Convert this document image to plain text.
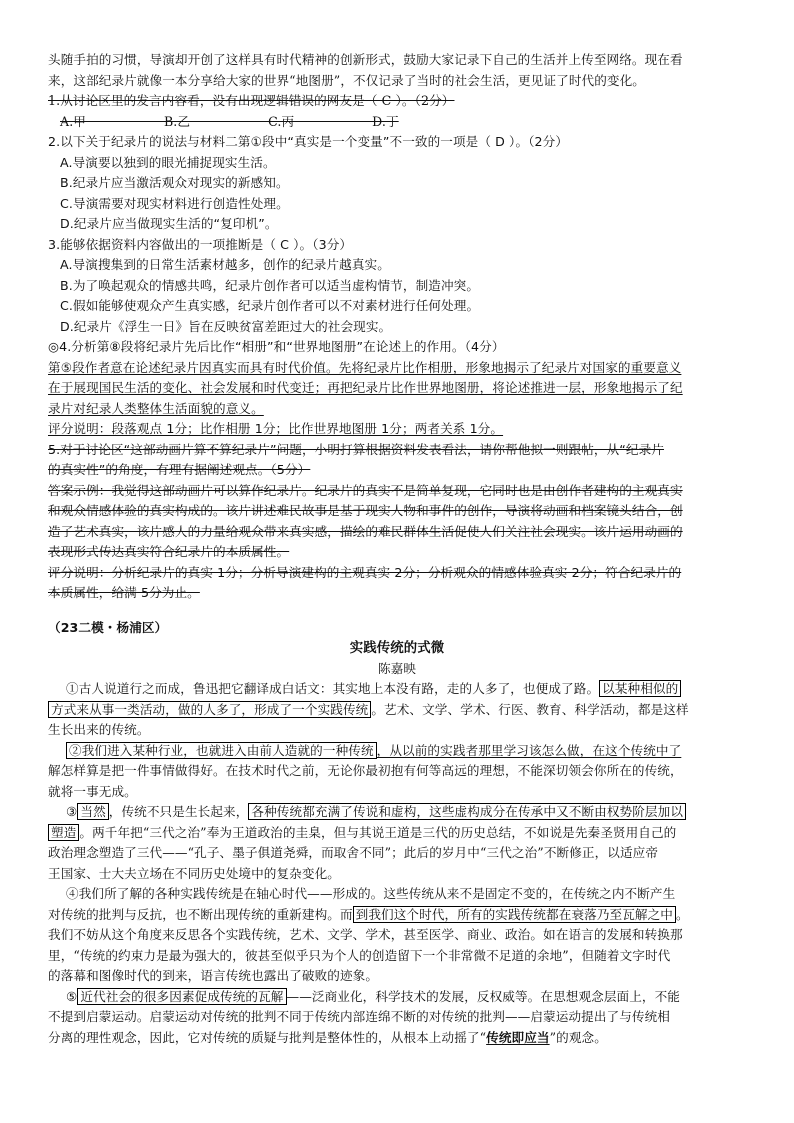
头随手拍的习惯，导演却开创了这样具有时代精神的创新形式，鼓励大家记录下自己的生活并上传至网络。现在看
来，这部纪录片就像一本分享给大家的世界“地图册”，不仅记录了当时的社会生活，更见证了时代的变化。
1.从讨论区里的发言内容看，没有出现逻辑错误的网友是（ C ）。（2分）
A.甲                   B.乙                   C.丙                   D.丁
2.以下关于纪录片的说法与材料二第①段中“真实是一个变量”不一致的一项是（ D ）。（2分）
A.导演要以独到的眼光捕捉现实生活。
B.纪录片应当激活观众对现实的新感知。
C.导演需要对现实材料进行创造性处理。
D.纪录片应当做现实生活的“复印机”。
3.能够依据资料内容做出的一项推断是（ C ）。（3分）
A.导演搜集到的日常生活素材越多，创作的纪录片越真实。
B.为了唤起观众的情感共鸣，纪录片创作者可以适当虚构情节，制造冲突。
C.假如能够使观众产生真实感，纪录片创作者可以不对素材进行任何处理。
D.纪录片《浮生一日》旨在反映贫富差距过大的社会现实。
◎4.分析第⑧段将纪录片先后比作“相册”和“世界地图册”在论述上的作用。（4分）
第⑤段作者意在论述纪录片因真实而具有时代价值。先将纪录片比作相册，形象地揭示了纪录片对国家的重要意义
在于展现国民生活的变化、社会发展和时代变迁；再把纪录片比作世界地图册，将论述推进一层，形象地揭示了纪
录片对纪录人类整体生活面貌的意义。
评分说明：段落观点 1分；比作相册 1分；比作世界地图册 1分；两者关系 1分。
5.对于讨论区“这部动画片算不算纪录片”问题，小明打算根据资料发表看法，请你帮他拟一则跟帖，从“纪录片
的真实性”的角度，有理有据阐述观点。（5分）
答案示例：我觉得这部动画片可以算作纪录片。纪录片的真实不是简单复现，它同时也是由创作者建构的主观真实
和观众情感体验的真实构成的。该片讲述难民故事是基于现实人物和事件的创作，导演将动画和档案镜头结合，创
造了艺术真实，该片感人的力量给观众带来真实感，描绘的难民群体生活促使人们关注社会现实。该片运用动画的
表现形式传达真实符合纪录片的本质属性。
评分说明：分析纪录片的真实 1分；分析导演建构的主观真实 2分；分析观众的情感体验真实 2分；符合纪录片的
本质属性，给满 5分为止。
（23二模・杨浦区）
实践传统的式微
陈嘉映
①古人说道行之而成，鲁迅把它翻译成白话文：其实地上本没有路，走的人多了，也便成了路。 以某种相似的
方式来从事一类活动，做的人多了，形成了一个实践传统 。艺术、文学、学术、行医、教育、科学活动，都是这样
生长出来的传统。
②我们进入某种行业，也就进入由前人造就的一种传统 ，从以前的实践者那里学习该怎么做，在这个传统中了
解怎样算是把一件事情做得好。在技术时代之前，无论你最初抱有何等高远的理想，不能深切领会你所在的传统，
就将一事无成。
③ 当然 ，传统不只是生长起来， 各种传统都充满了传说和虚构，这些虚构成分在传承中又不断由权势阶层加以
塑造 。两千年把“三代之治”奉为王道政治的圭臬，但与其说王道是三代的历史总结，不如说是先秦圣贤用自己的
政治理念塑造了三代——“孔子、墨子俱道尧舜，而取舍不同”；此后的岁月中“三代之治”不断修正，以适应帝
王国家、士大夫立场在不同历史处境中的复杂变化。
④我们所了解的各种实践传统是在轴心时代——形成的。这些传统从来不是固定不变的，在传统之内不断产生
对传统的批判与反抗，也不断出现传统的重新建构。而 到我们这个时代，所有的实践传统都在衰落乃至瓦解之中 。
我们不妨从这个角度来反思各个实践传统，艺术、文学、学术，甚至医学、商业、政治。如在语言的发展和转换那
里，“传统的约束力是最为强大的，彼甚至似乎只为个人的创造留下一个非常微不足道的余地”，但随着文字时代
的落幕和图像时代的到来，语言传统也露出了破败的迹象。
⑤ 近代社会的很多因素促成传统的瓦解 ——泛商业化，科学技术的发展，反权威等。在思想观念层面上，不能
不提到启蒙运动。启蒙运动对传统的批判不同于传统内部连绵不断的对传统的批判——启蒙运动提出了与传统相
分离的理性观念，因此，它对传统的质疑与批判是整体性的，从根本上动摇了“传统即应当”的观念。
